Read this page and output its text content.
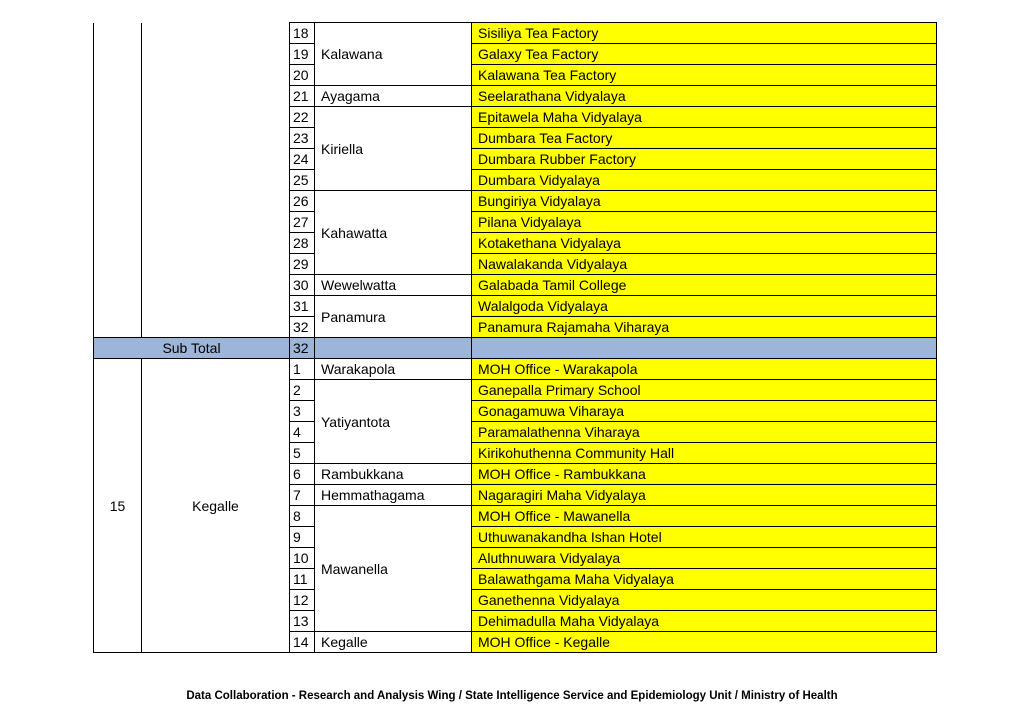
		18	Kalawana	Sisiliya Tea Factory
		19		Galaxy Tea Factory
		20		Kalawana Tea Factory
		21	Ayagama	Seelarathana Vidyalaya
		22	Kiriella	Epitawela Maha Vidyalaya
		23		Dumbara Tea Factory
		24		Dumbara Rubber Factory
		25		Dumbara Vidyalaya
		26	Kahawatta	Bungiriya Vidyalaya
		27		Pilana Vidyalaya
		28		Kotakethana Vidyalaya
		29		Nawalakanda Vidyalaya
		30	Wewelwatta	Galabada Tamil College
		31	Panamura	Walalgoda Vidyalaya
		32		Panamura Rajamaha Viharaya
Sub Total		32		
15	Kegalle	1	Warakapola	MOH Office - Warakapola
		2	Yatiyantota	Ganepalla Primary School
		3		Gonagamuwa Viharaya
		4		Paramalathenna Viharaya
		5		Kirikohuthenna Community Hall
		6	Rambukkana	MOH Office - Rambukkana
		7	Hemmathagama	Nagaragiri Maha Vidyalaya
		8	Mawanella	MOH Office - Mawanella
		9		Uthuwanakandha Ishan Hotel
		10		Aluthnuwara Vidyalaya
		11		Balawathgama Maha Vidyalaya
		12		Ganethenna Vidyalaya
		13		Dehimadulla Maha Vidyalaya
		14	Kegalle	MOH Office - Kegalle
Data Collaboration - Research and Analysis Wing / State Intelligence Service and Epidemiology Unit / Ministry of Health
